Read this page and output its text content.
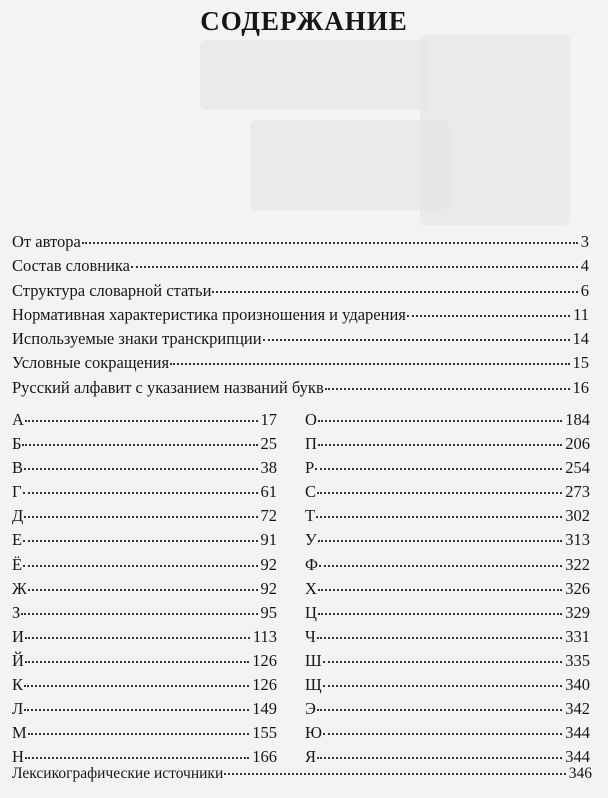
СОДЕРЖАНИЕ
От автора	3
Состав словника	4
Структура словарной статьи	6
Нормативная характеристика произношения и ударения	11
Используемые знаки транскрипции	14
Условные сокращения	15
Русский алфавит с указанием названий букв	16
А	17
Б	25
В	38
Г	61
Д	72
Е	91
Ё	92
Ж	92
З	95
И	113
Й	126
К	126
Л	149
М	155
Н	166
О	184
П	206
Р	254
С	273
Т	302
У	313
Ф	322
Х	326
Ц	329
Ч	331
Ш	335
Щ	340
Э	342
Ю	344
Я	344
Лексикографические источники	346
